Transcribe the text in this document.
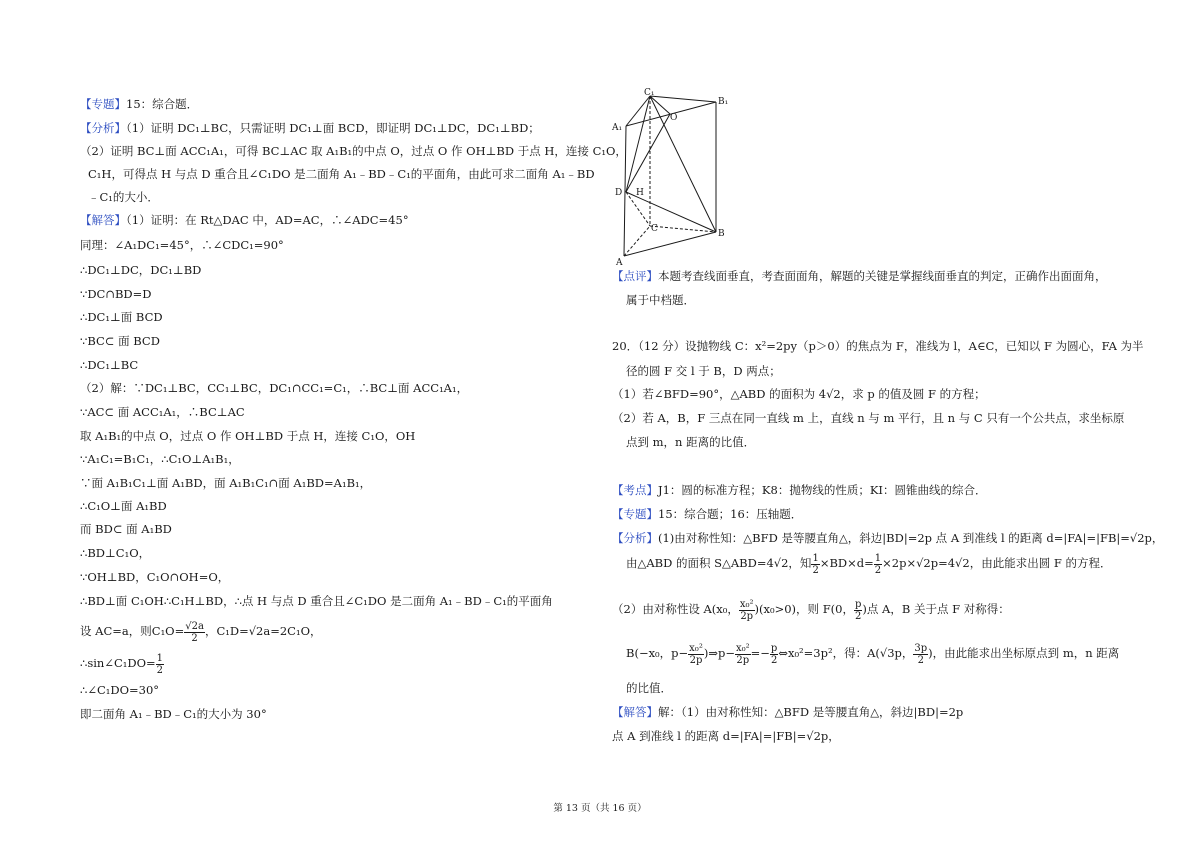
【专题】15：综合题．
【分析】（1）证明 DC₁⊥BC，只需证明 DC₁⊥面 BCD，即证明 DC₁⊥DC，DC₁⊥BD；
（2）证明 BC⊥面 ACC₁A₁，可得 BC⊥AC 取 A₁B₁的中点 O，过点 O 作 OH⊥BD 于点 H，连接 C₁O，
C₁H，可得点 H 与点 D 重合且∠C₁DO 是二面角 A₁﹣BD﹣C₁的平面角，由此可求二面角 A₁﹣BD
﹣C₁的大小．
【解答】（1）证明：在 Rt△DAC 中，AD=AC，∴∠ADC=45°
同理：∠A₁DC₁=45°，∴∠CDC₁=90°
∴DC₁⊥DC，DC₁⊥BD
∵DC∩BD=D
∴DC₁⊥面 BCD
∵BC⊂ 面 BCD
∴DC₁⊥BC
（2）解：∵DC₁⊥BC，CC₁⊥BC，DC₁∩CC₁=C₁，∴BC⊥面 ACC₁A₁，
∵AC⊂ 面 ACC₁A₁，∴BC⊥AC
取 A₁B₁的中点 O，过点 O 作 OH⊥BD 于点 H，连接 C₁O，OH
∵A₁C₁=B₁C₁，∴C₁O⊥A₁B₁，
∵面 A₁B₁C₁⊥面 A₁BD，面 A₁B₁C₁∩面 A₁BD=A₁B₁，
∴C₁O⊥面 A₁BD
而 BD⊂ 面 A₁BD
∴BD⊥C₁O，
∵OH⊥BD，C₁O∩OH=O，
∴BD⊥面 C₁OH∴C₁H⊥BD，∴点 H 与点 D 重合且∠C₁DO 是二面角 A₁﹣BD﹣C₁的平面角
设 AC=a，则$C_1O= \frac{√2a}{2}$ ，C₁D=√2a=2C₁O，
∴sin∠C₁DO= $\frac{1}{2}$
∴∠C₁DO=30°
即二面角 A₁﹣BD﹣C₁的大小为 30°
A₁
C₁
B₁
O
D H
C	B
A
【点评】本题考查线面垂直，考查面面角，解题的关键是掌握线面垂直的判定，正确作出面面角，
属于中档题．
20．（12 分）设抛物线 C：x²=2py（p＞0）的焦点为 F，准线为 l，A∈C，已知以 F 为圆心，FA 为半
径的圆 F 交 l 于 B，D 两点；
（1）若∠BFD=90°，△ABD 的面积为 4√2，求 p 的值及圆 F 的方程；
（2）若 A，B，F 三点在同一直线 m 上，直线 n 与 m 平行，且 n 与 C 只有一个公共点，求坐标原
点到 m，n 距离的比值．
【考点】J1：圆的标准方程；K8：抛物线的性质；KI：圆锥曲线的综合．
【专题】15：综合题；16：压轴题．
【分析】(1)由对称性知：△BFD 是等腰直角△，斜边|BD|=2p 点 A 到准线 l 的距离 d=|FA|=|FB|=√2p，
由△ABD 的面积 S△ABD=4√2，知 $\frac{1}{2} \times BD\times d= \frac{1}{2} \times 2p\times√2p=4√2$，由此能求出圆 F 的方程．
（2）由对称性设 A(x₀， $\frac{\text{x₀²}}{2p} )(x_0>0)$，则 F(0， $\frac{p}{2}$ )点 A，B 关于点 F 对称得：
B(−x₀，$p- \frac{\text{x₀²}}{2p}$ )⇒p− $\frac{\text{x₀²}}{2p} =- \frac{p}{2}$ ⇔x₀²=3p²，得：A(√3p， $\frac{3p}{2}$ )，由此能求出坐标原点到 m，n 距离
的比值．
【解答】解：（1）由对称性知：△BFD 是等腰直角△，斜边|BD|=2p
点 A 到准线 l 的距离 d=|FA|=|FB|=√2p，
第 13 页（共 16 页）
